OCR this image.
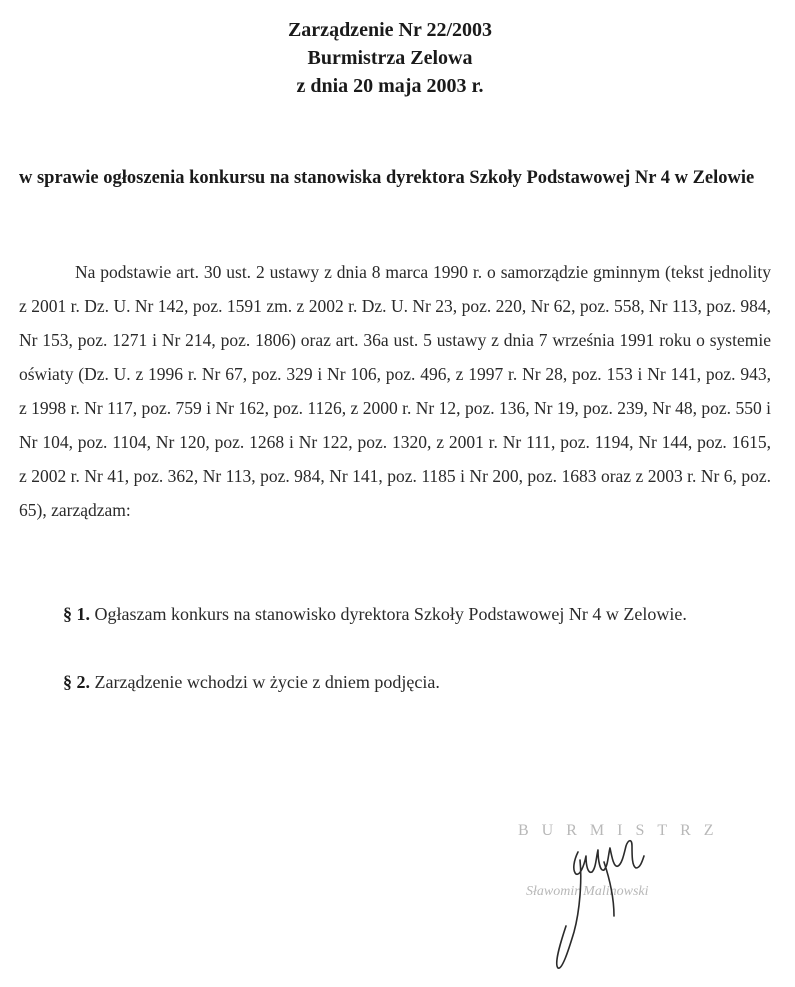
Zarządzenie Nr 22/2003
Burmistrza Zelowa
z dnia 20 maja 2003 r.
w sprawie ogłoszenia konkursu na stanowiska dyrektora Szkoły Podstawowej Nr 4 w Zelowie
Na podstawie art. 30 ust. 2 ustawy z dnia 8 marca 1990 r. o samorządzie gminnym (tekst jednolity z 2001 r. Dz. U. Nr 142, poz. 1591 zm. z 2002 r. Dz. U. Nr 23, poz. 220, Nr 62, poz. 558, Nr 113, poz. 984, Nr 153, poz. 1271 i Nr 214, poz. 1806) oraz art. 36a ust. 5 ustawy z dnia 7 września 1991 roku o systemie oświaty (Dz. U. z 1996 r. Nr 67, poz. 329 i Nr 106, poz. 496, z 1997 r. Nr 28, poz. 153 i Nr 141, poz. 943, z 1998 r. Nr 117, poz. 759 i Nr 162, poz. 1126, z 2000 r. Nr 12, poz. 136, Nr 19, poz. 239, Nr 48, poz. 550 i Nr 104, poz. 1104, Nr 120, poz. 1268 i Nr 122, poz. 1320, z 2001 r. Nr 111, poz. 1194, Nr 144, poz. 1615, z 2002 r. Nr 41, poz. 362, Nr 113, poz. 984, Nr 141, poz. 1185 i Nr 200, poz. 1683 oraz z 2003 r. Nr 6, poz. 65), zarządzam:
§ 1. Ogłaszam konkurs na stanowisko dyrektora Szkoły Podstawowej Nr 4 w Zelowie.
§ 2. Zarządzenie wchodzi w życie z dniem podjęcia.
BURMISTRZ
Sławomir Malinowski
